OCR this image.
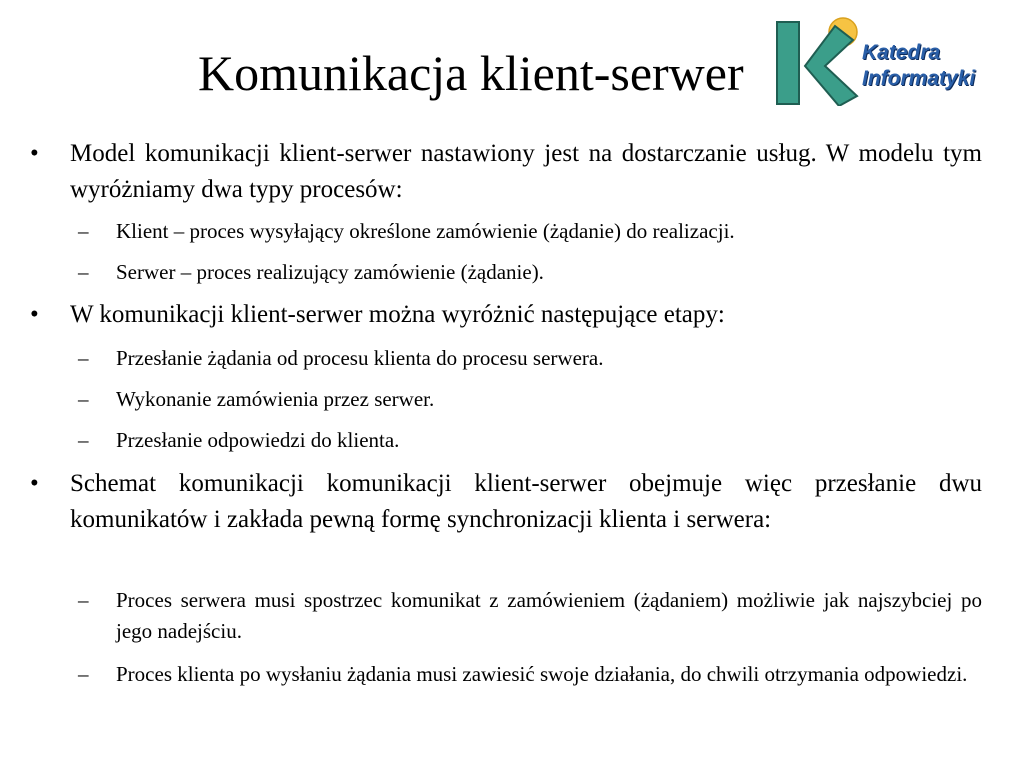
Komunikacja klient-serwer	Katedra
Informatyki
•	Model komunikacji klient-serwer nastawiony jest na dostarczanie usług. W modelu tym wyróżniamy dwa typy procesów:
– Klient – proces wysyłający określone zamówienie (żądanie) do realizacji.
– Serwer – proces realizujący zamówienie (żądanie).
•	W komunikacji klient-serwer można wyróżnić następujące etapy:
– Przesłanie żądania od procesu klienta do procesu serwera.
– Wykonanie zamówienia przez serwer.
– Przesłanie odpowiedzi do klienta.
•	Schemat komunikacji komunikacji klient-serwer obejmuje więc przesłanie dwu komunikatów i zakłada pewną formę synchronizacji klienta i serwera:
– Proces serwera musi spostrzec komunikat z zamówieniem (żądaniem) możliwie jak najszybciej po jego nadejściu.
– Proces klienta po wysłaniu żądania musi zawiesić swoje działania, do chwili otrzymania odpowiedzi.
